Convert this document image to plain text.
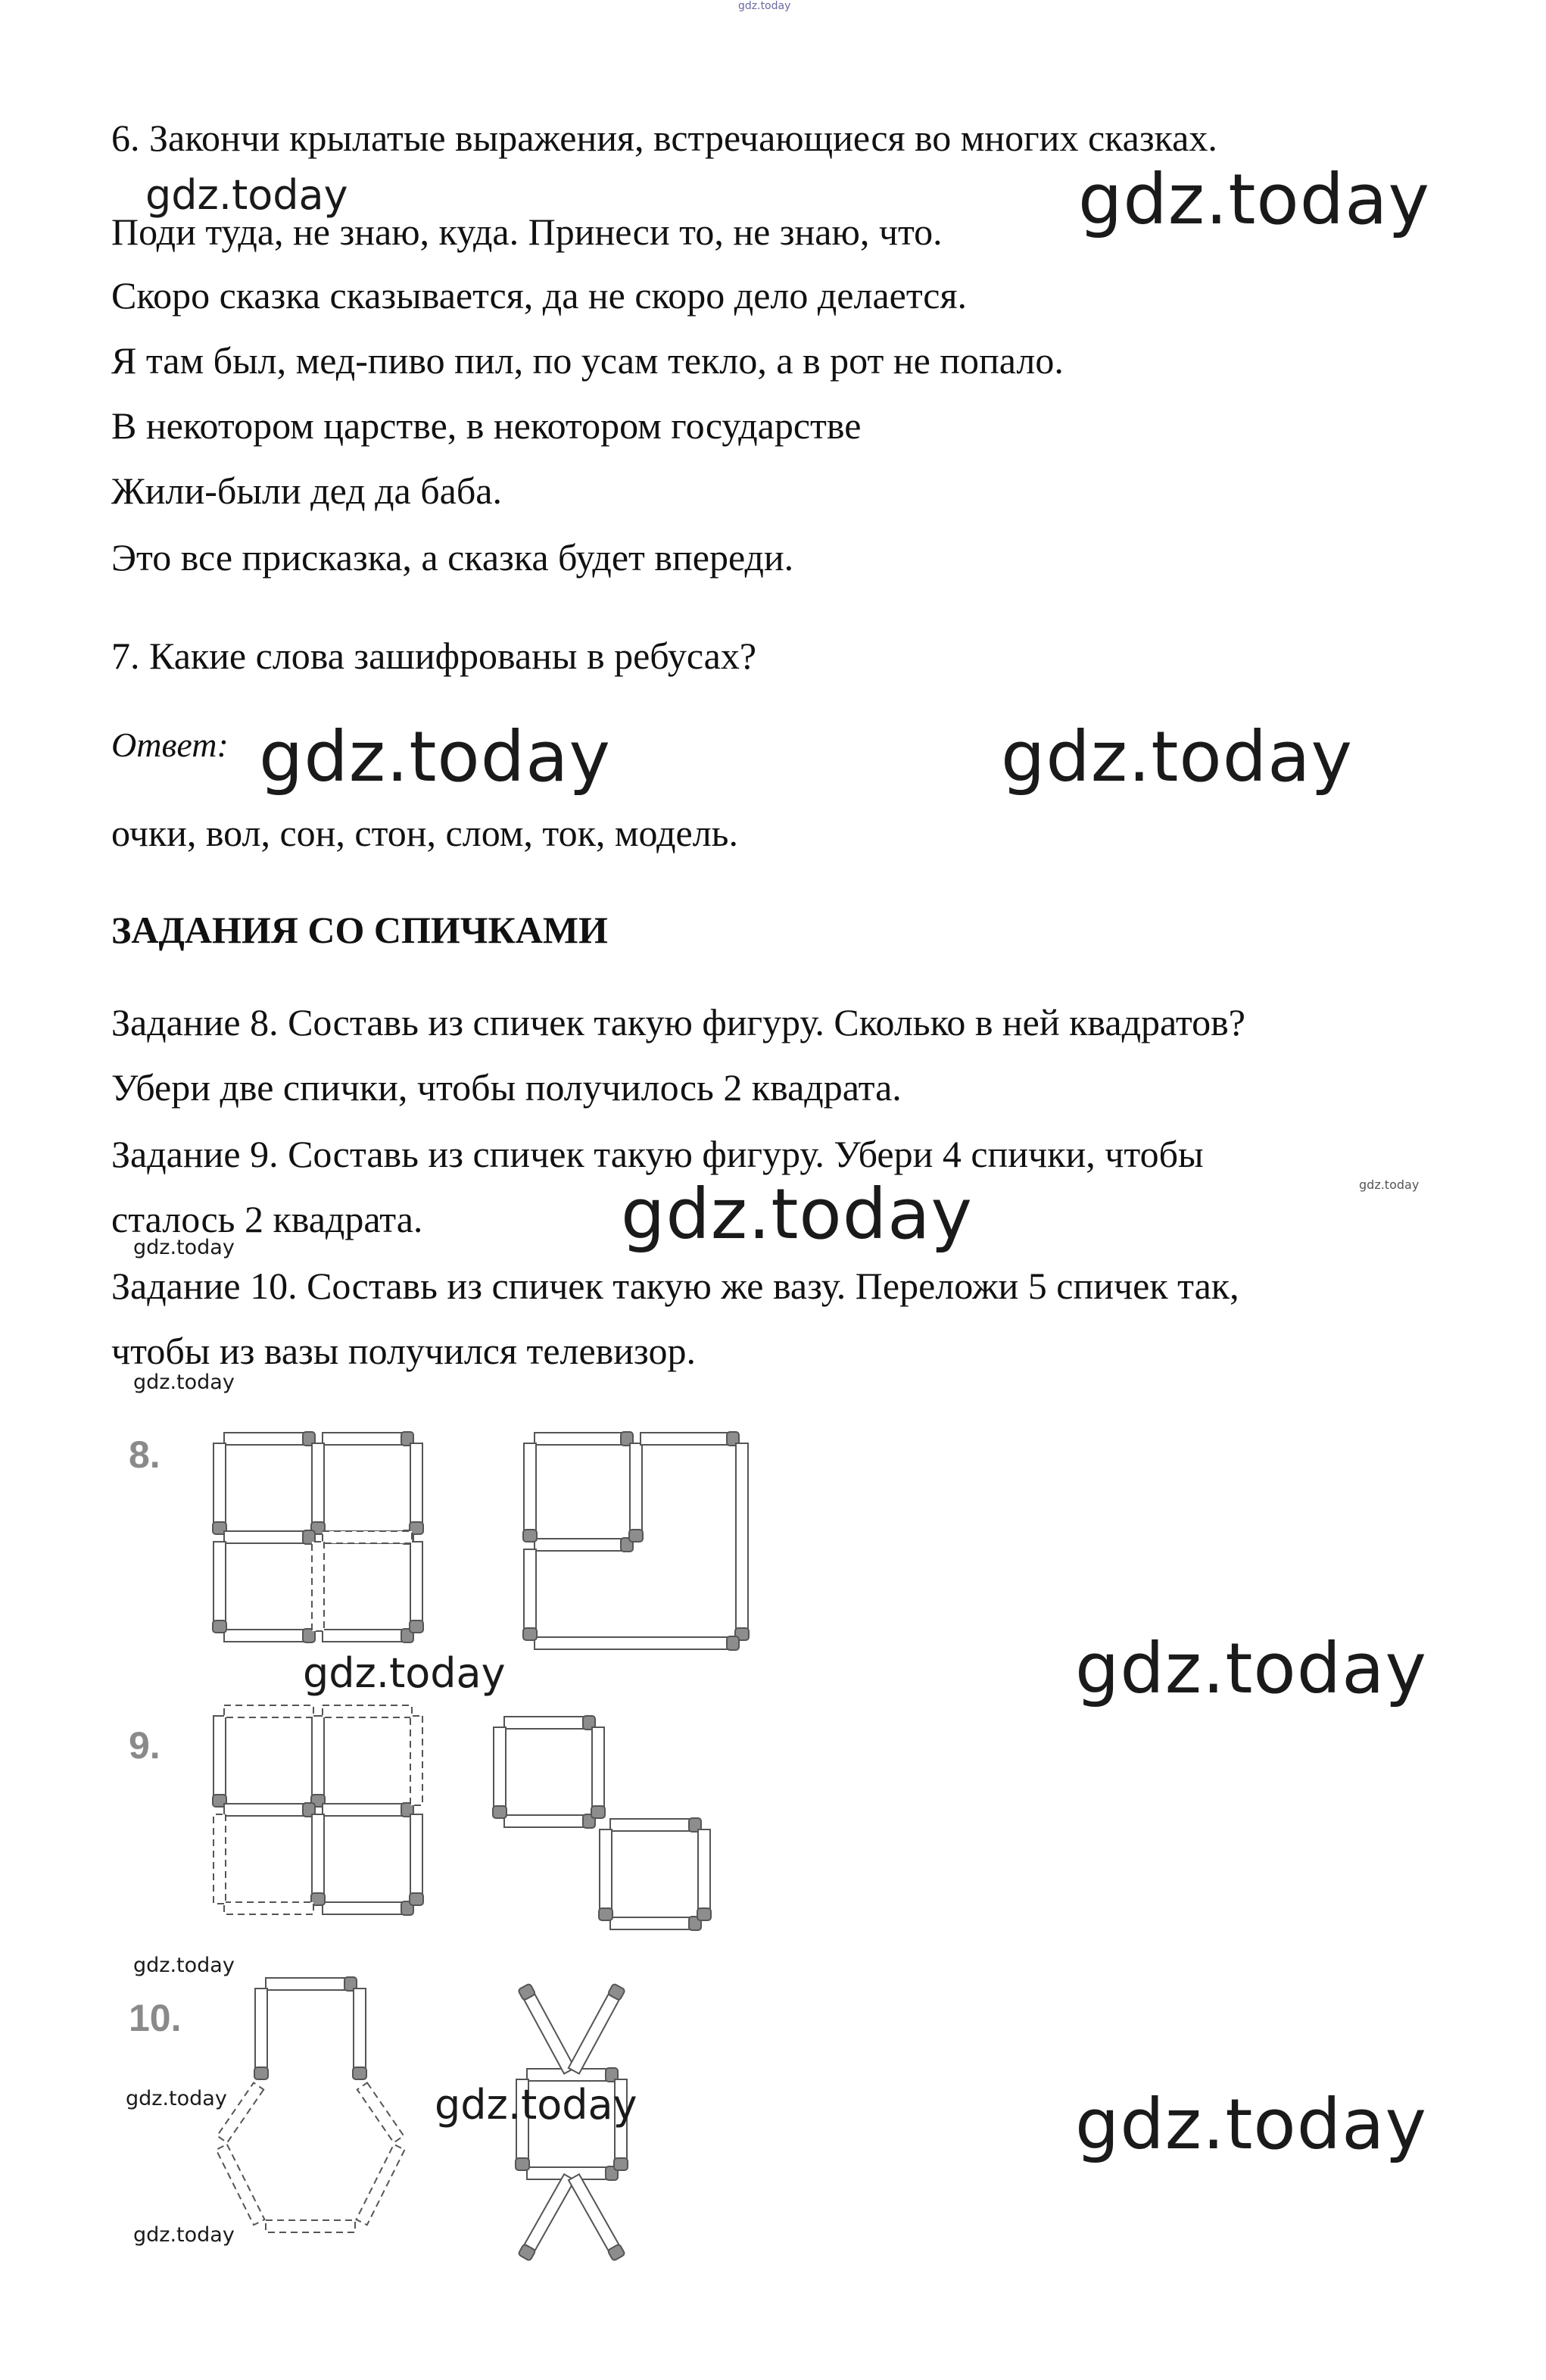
gdz.today
6. Закончи крылатые выражения, встречающиеся во многих сказках.
Поди туда, не знаю, куда. Принеси то, не знаю, что.
Скоро сказка сказывается, да не скоро дело делается.
Я там был, мед-пиво пил, по усам текло, а в рот не попало.
В некотором царстве, в некотором государстве
Жили-были дед да баба.
Это все присказка, а сказка будет впереди.
7. Какие слова зашифрованы в ребусах?
Ответ:
очки, вол, сон, стон, слом, ток, модель.
ЗАДАНИЯ СО СПИЧКАМИ
Задание 8. Составь из спичек такую фигуру. Сколько в ней квадратов?
Убери две спички, чтобы получилось 2 квадрата.
Задание 9. Составь из спичек такую фигуру. Убери 4 спички, чтобы
сталось 2 квадрата.
Задание 10. Составь из спичек такую же вазу. Переложи 5 спичек так,
чтобы из вазы получился телевизор.
8.
9.
10.
gdz.today	gdz.today
gdz.today	gdz.today
gdz.today
gdz.today
gdz.today
gdz.today
gdz.today	gdz.today
gdz.today
gdz.today	gdz.today	gdz.today
gdz.today
